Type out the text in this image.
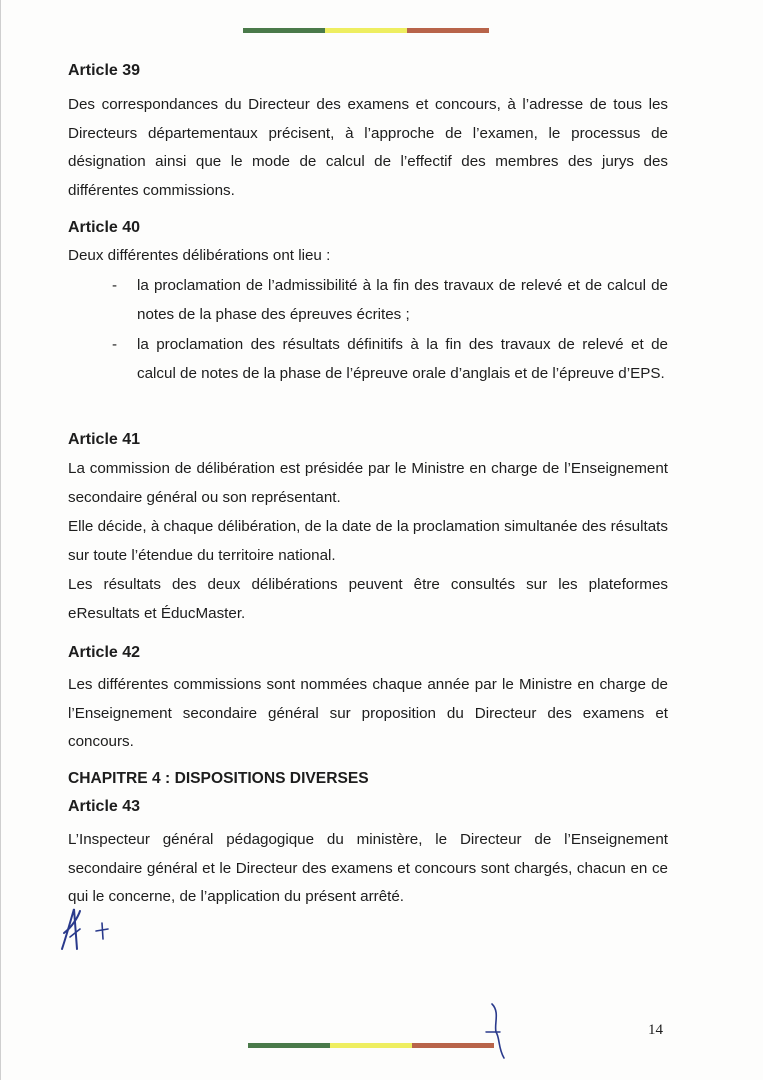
Article 39
Des correspondances du Directeur des examens et concours, à l’adresse de tous les Directeurs départementaux précisent, à l’approche de l’examen, le processus de désignation ainsi que le mode de calcul de l’effectif des membres des jurys des différentes commissions.
Article 40
Deux différentes délibérations ont lieu :
- la proclamation de l’admissibilité à la fin des travaux de relevé et de calcul de notes de la phase des épreuves écrites ;
- la proclamation des résultats définitifs à la fin des travaux de relevé et de calcul de notes de la phase de l’épreuve orale d’anglais et de l’épreuve d’EPS.
Article 41
La commission de délibération est présidée par le Ministre en charge de l’Enseignement secondaire général ou son représentant.
Elle décide, à chaque délibération, de la date de la proclamation simultanée des résultats sur toute l’étendue du territoire national.
Les résultats des deux délibérations peuvent être consultés sur les plateformes eResultats et ÉducMaster.
Article 42
Les différentes commissions sont nommées chaque année par le Ministre en charge de l’Enseignement secondaire général sur proposition du Directeur des examens et concours.
CHAPITRE 4 : DISPOSITIONS DIVERSES
Article 43
L’Inspecteur général pédagogique du ministère, le Directeur de l’Enseignement secondaire général et le Directeur des examens et concours sont chargés, chacun en ce qui le concerne, de l’application du présent arrêté.
14
